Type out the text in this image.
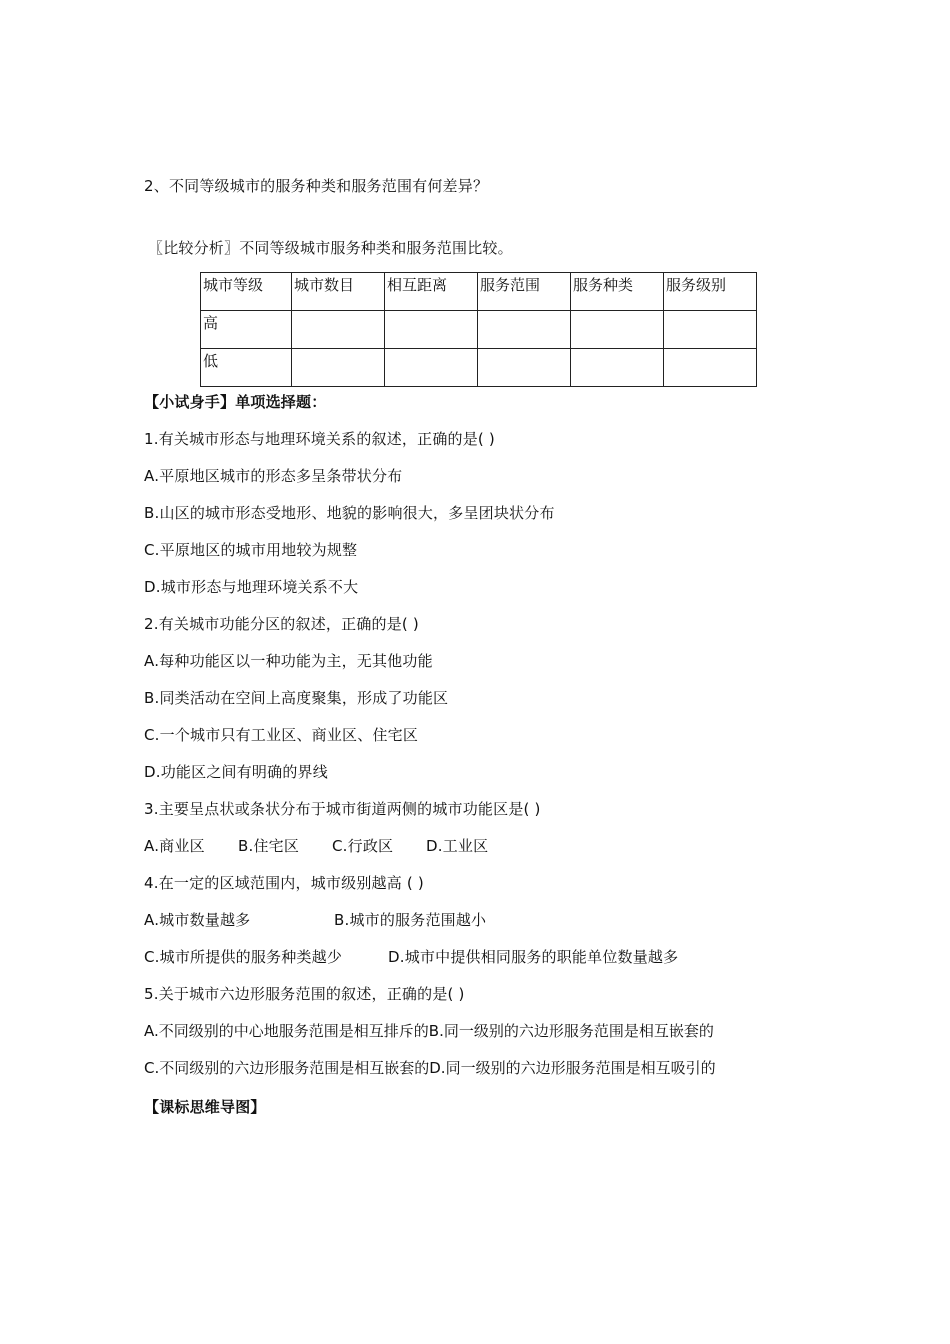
2、不同等级城市的服务种类和服务范围有何差异？
〖比较分析〗不同等级城市服务种类和服务范围比较。
城市等级	城市数目	相互距离	服务范围	服务种类	服务级别
高					
低					
【小试身手】单项选择题：
1.有关城市形态与地理环境关系的叙述，正确的是( )
A.平原地区城市的形态多呈条带状分布
B.山区的城市形态受地形、地貌的影响很大，多呈团块状分布
C.平原地区的城市用地较为规整
D.城市形态与地理环境关系不大
2.有关城市功能分区的叙述，正确的是( )
A.每种功能区以一种功能为主，无其他功能
B.同类活动在空间上高度聚集，形成了功能区
C.一个城市只有工业区、商业区、住宅区
D.功能区之间有明确的界线
3.主要呈点状或条状分布于城市街道两侧的城市功能区是( )
A.商业区 B.住宅区 C.行政区 D.工业区
4.在一定的区域范围内，城市级别越高 ( )
A.城市数量越多	B.城市的服务范围越小
C.城市所提供的服务种类越少	D.城市中提供相同服务的职能单位数量越多
5.关于城市六边形服务范围的叙述，正确的是( )
A.不同级别的中心地服务范围是相互排斥的B.同一级别的六边形服务范围是相互嵌套的
C.不同级别的六边形服务范围是相互嵌套的D.同一级别的六边形服务范围是相互吸引的
【课标思维导图】
